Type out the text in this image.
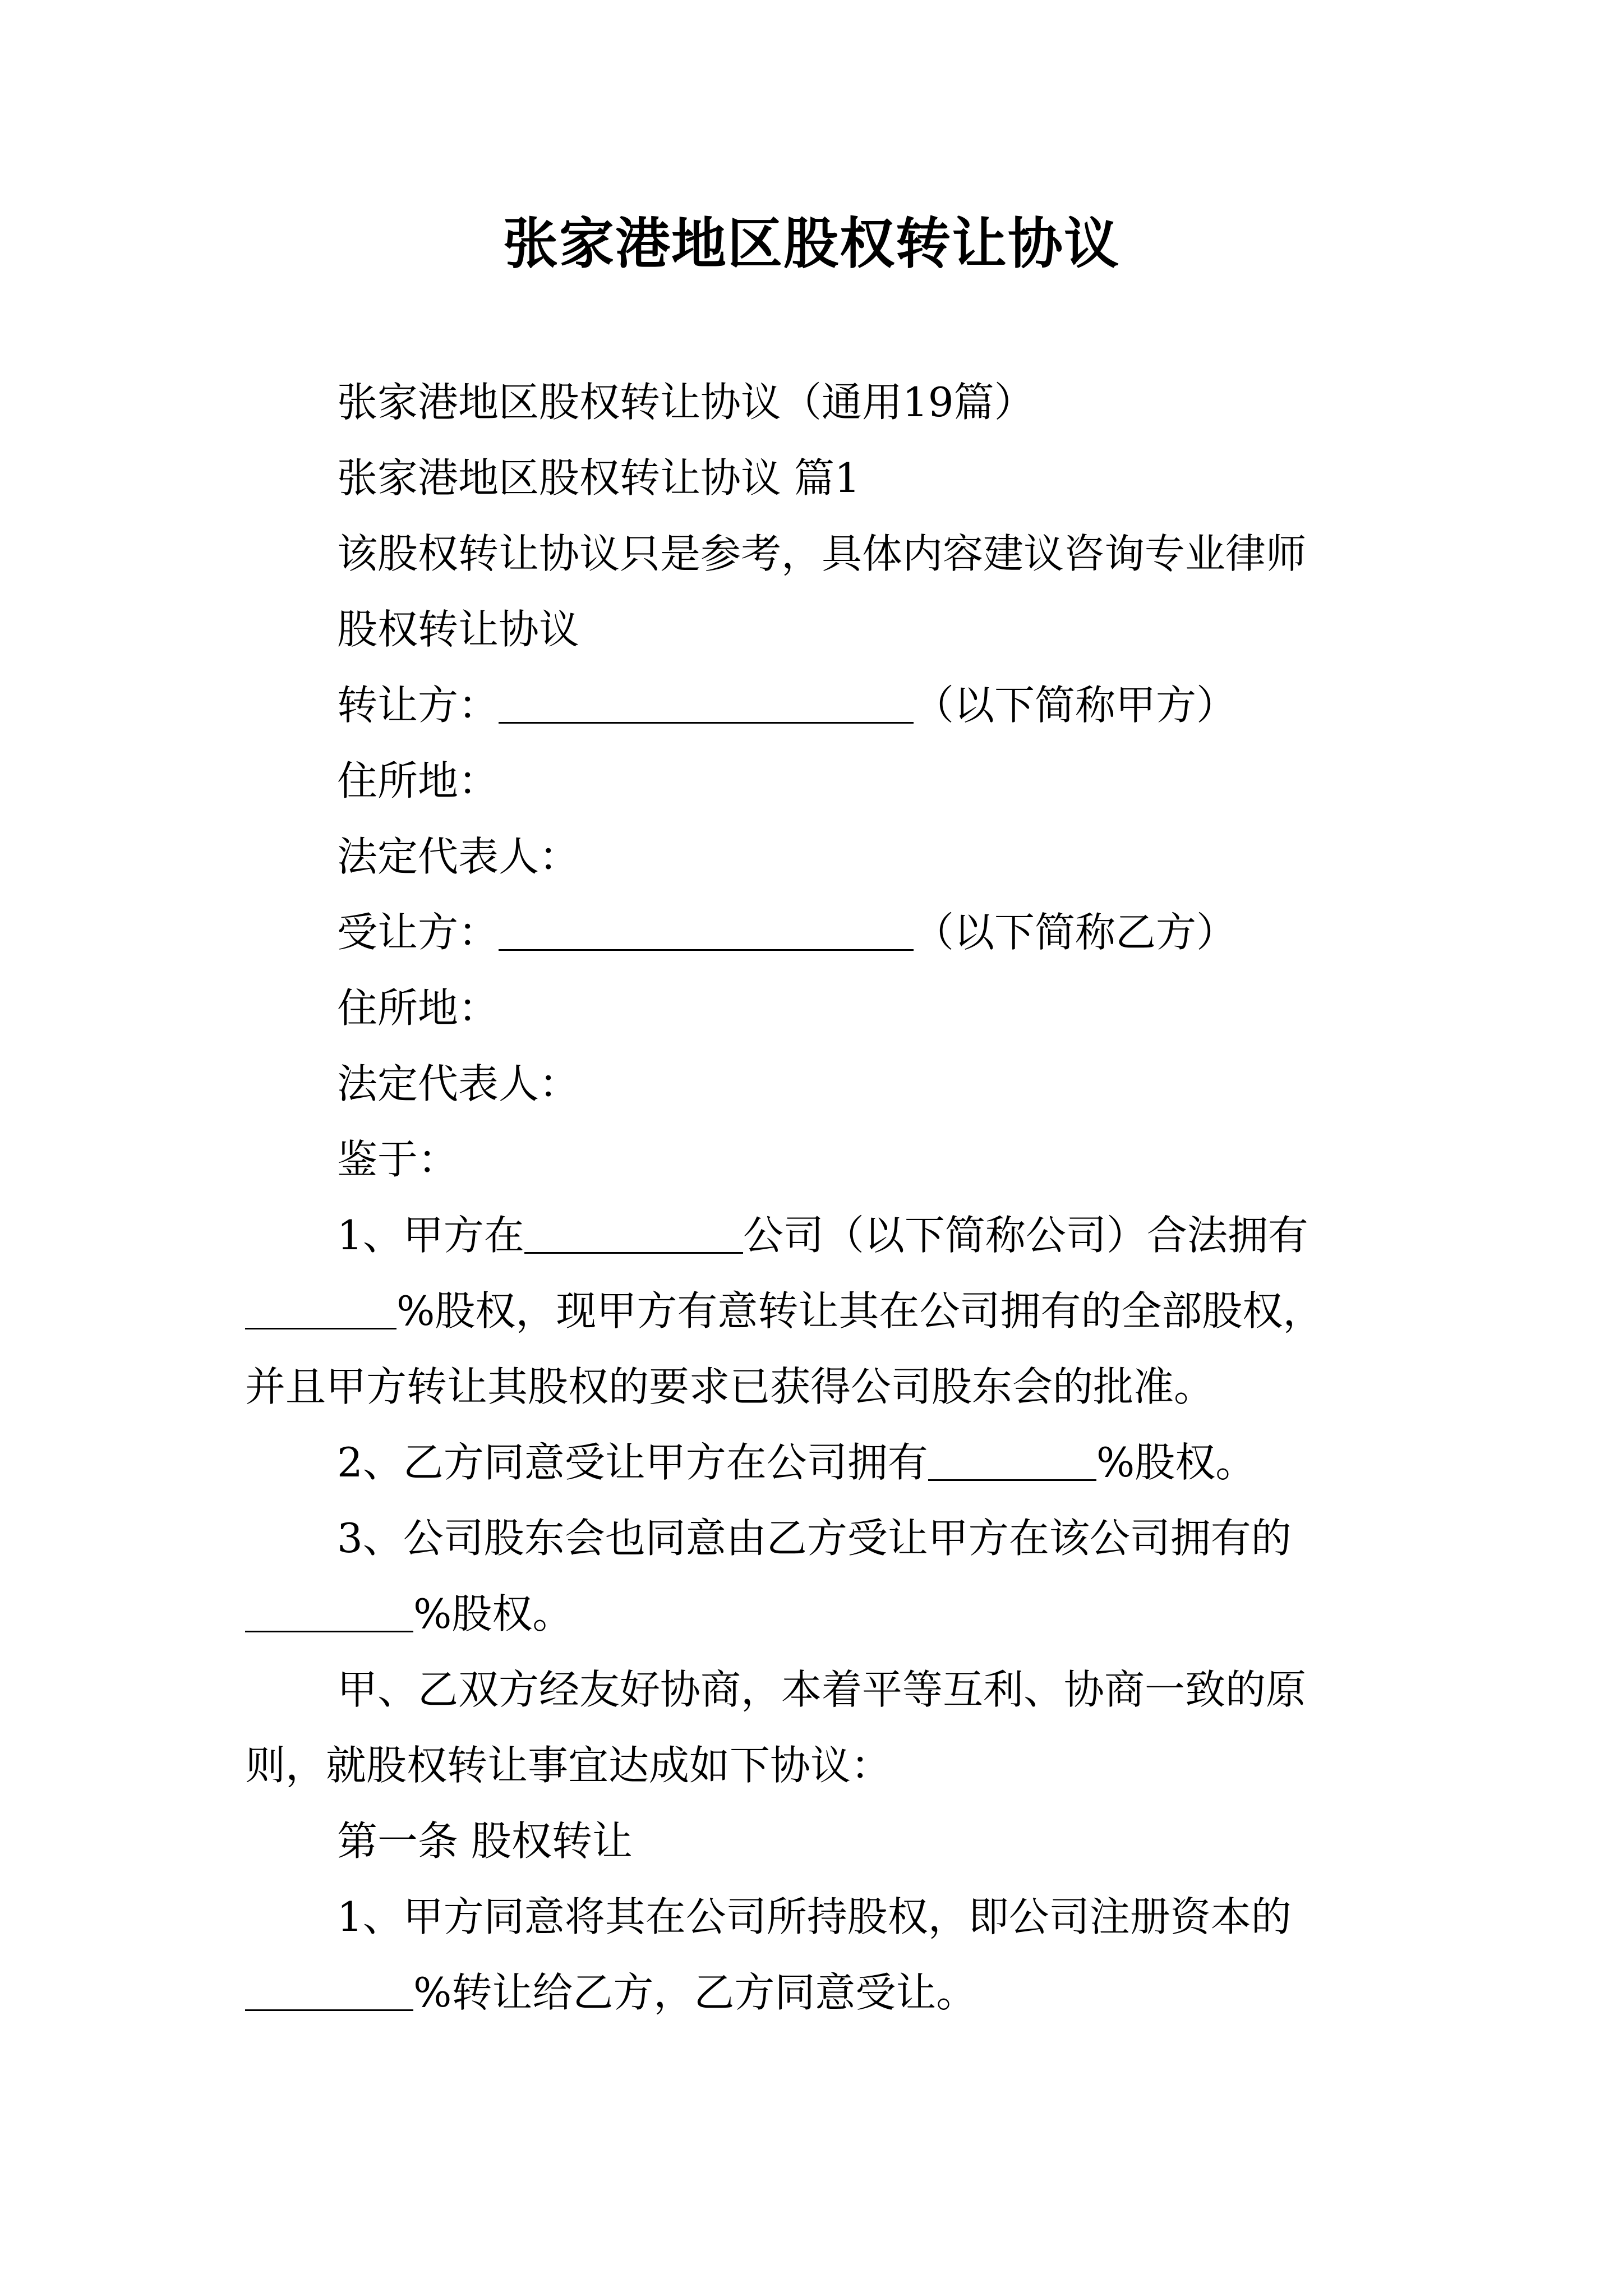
张家港地区股权转让协议
张家港地区股权转让协议（通用19篇）
张家港地区股权转让协议 篇1
该股权转让协议只是参考，具体内容建议咨询专业律师
股权转让协议
转让方：	（以下简称甲方）
住所地：
法定代表人：
受让方：	（以下简称乙方）
住所地：
法定代表人：
鉴于：
1、甲方在	公司（以下简称公司）合法拥有
%股权，现甲方有意转让其在公司拥有的全部股权，
并且甲方转让其股权的要求已获得公司股东会的批准。
2、乙方同意受让甲方在公司拥有	%股权。
3、公司股东会也同意由乙方受让甲方在该公司拥有的
%股权。
甲、乙双方经友好协商，本着平等互利、协商一致的原
则，就股权转让事宜达成如下协议：
第一条 股权转让
1、甲方同意将其在公司所持股权，即公司注册资本的
%转让给乙方，乙方同意受让。
